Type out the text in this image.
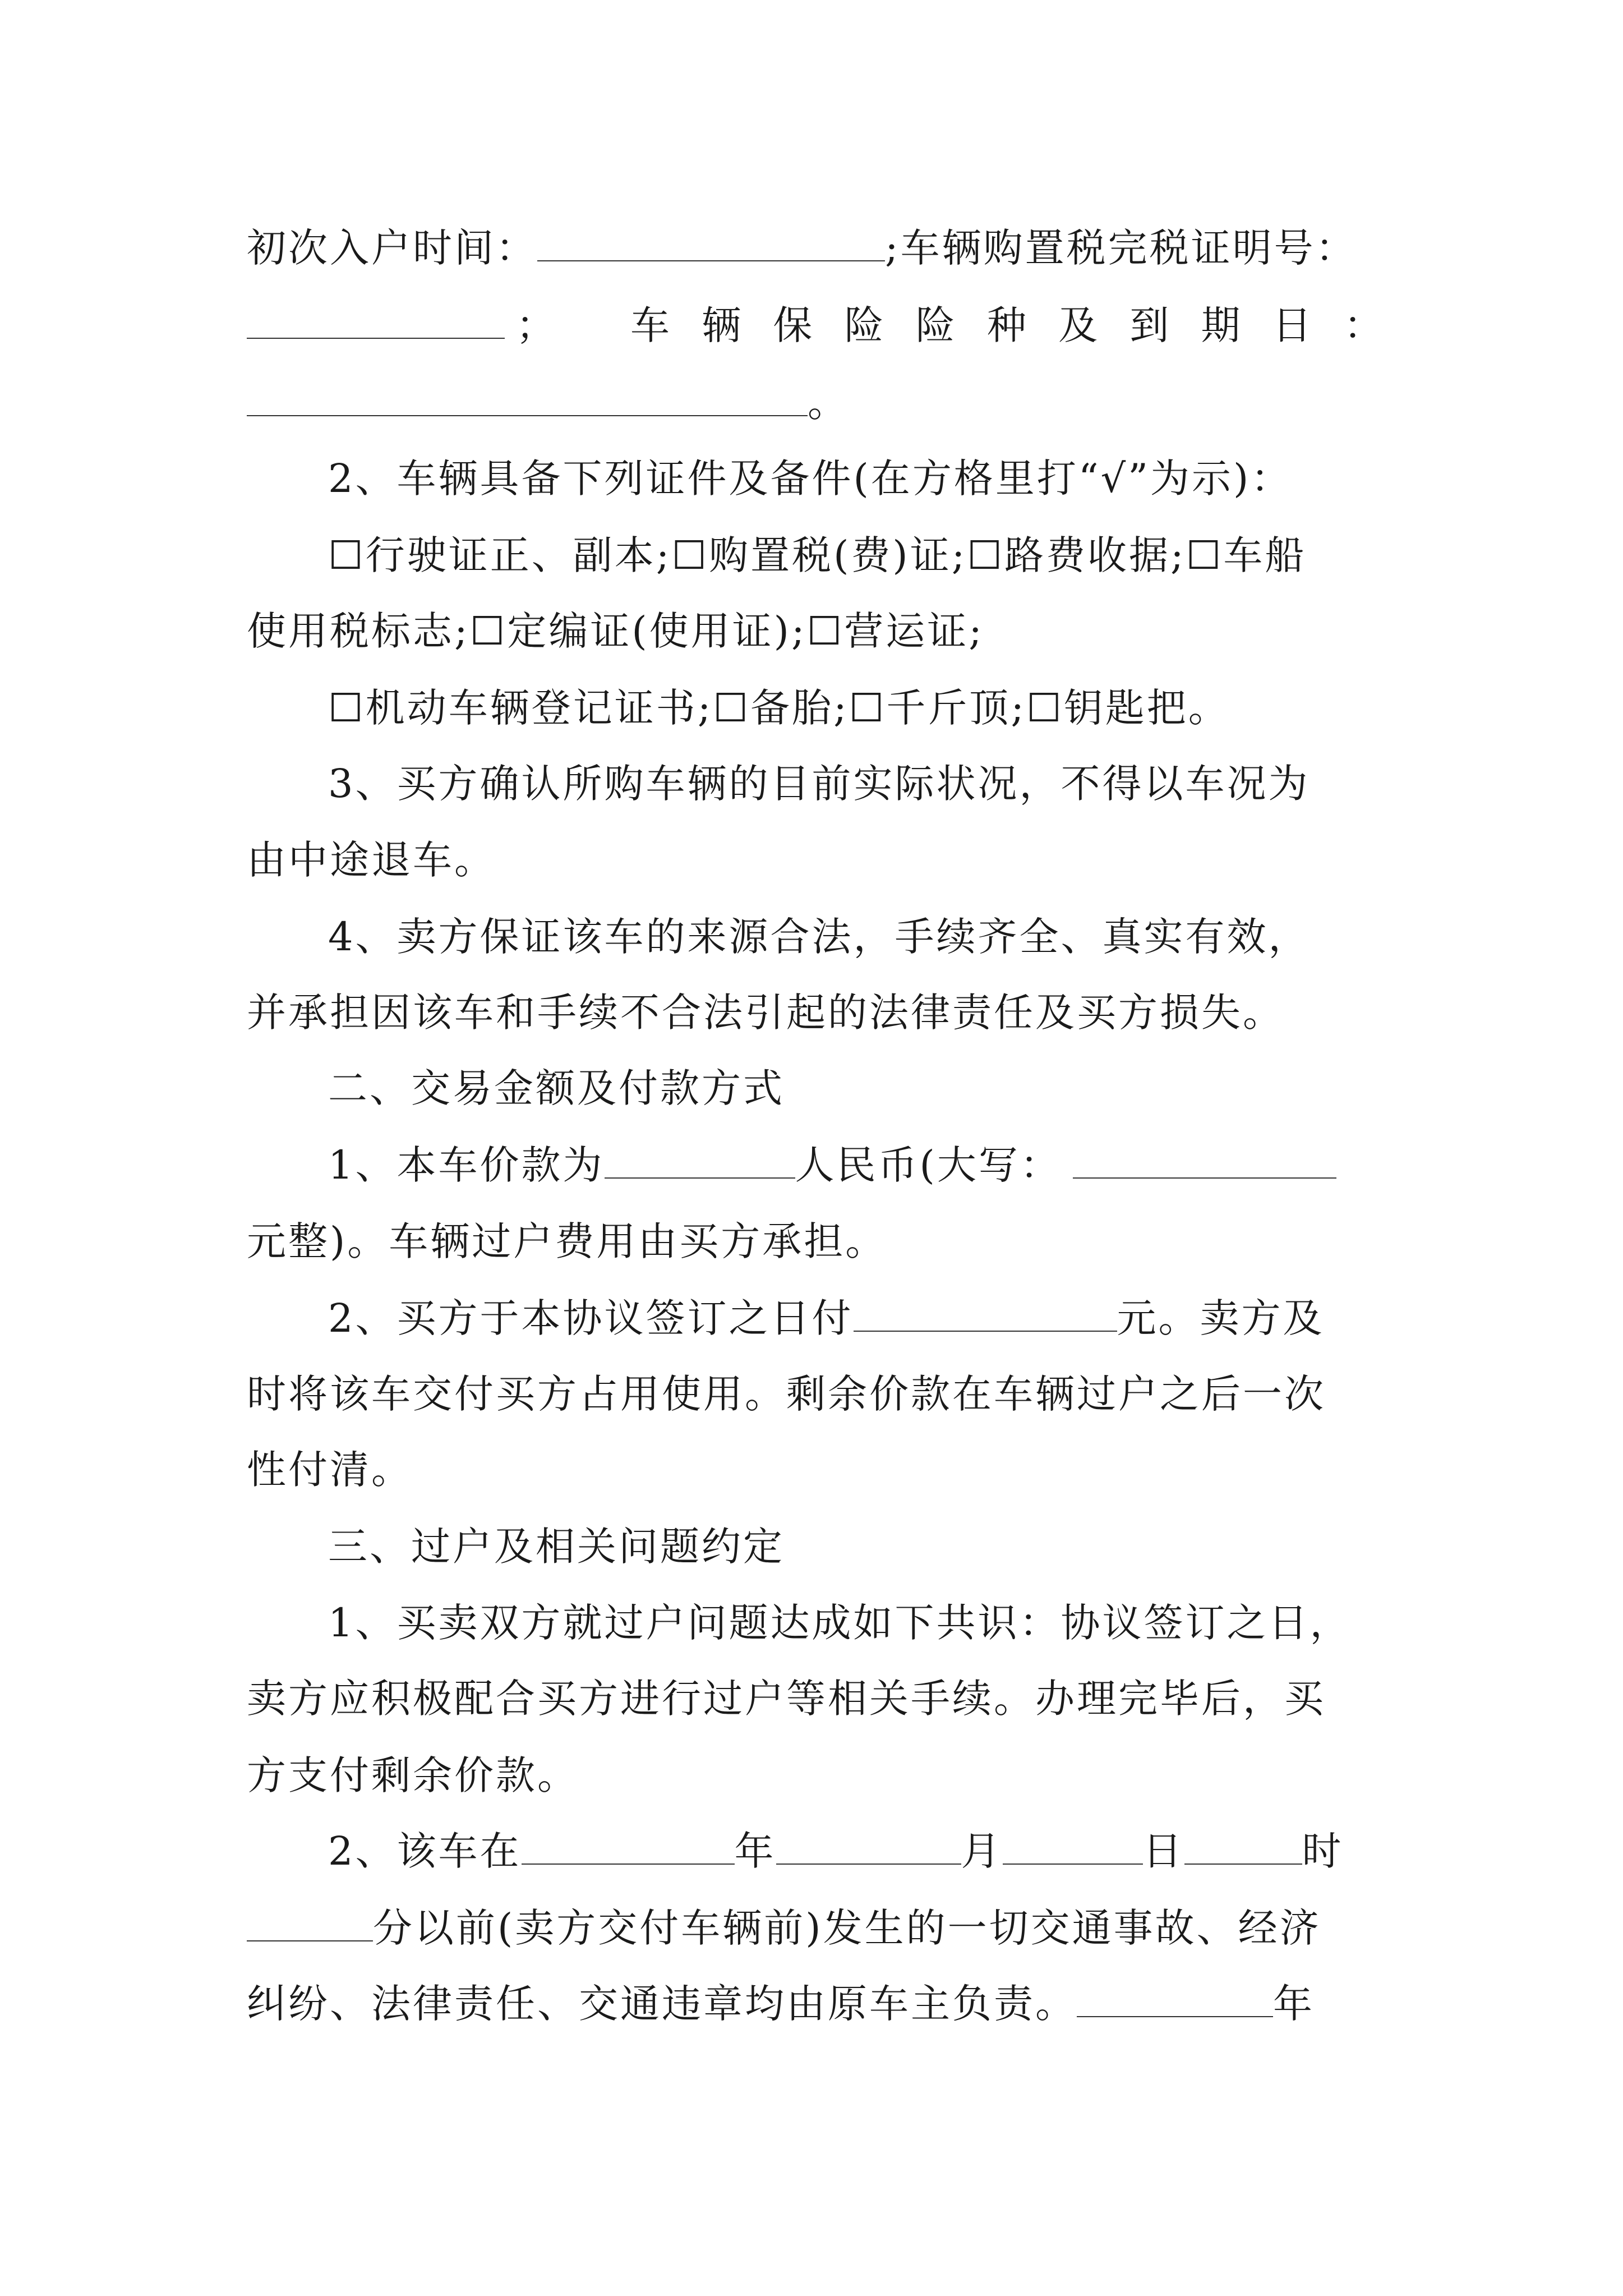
初次入户时间：	;车辆购置税完税证明号：
； 车 辆 保 险 险 种 及 到 期 日 ：
。
2、车辆具备下列证件及备件(在方格里打“√”为示)：
☐行驶证正、副本;☐购置税(费)证;☐路费收据;☐车船
使用税标志;☐定编证(使用证);☐营运证;
☐机动车辆登记证书;☐备胎;☐千斤顶;☐钥匙把。
3、买方确认所购车辆的目前实际状况，不得以车况为
由中途退车。
4、卖方保证该车的来源合法，手续齐全、真实有效，
并承担因该车和手续不合法引起的法律责任及买方损失。
二、交易金额及付款方式
1、本车价款为	人民币(大写：
元整)。车辆过户费用由买方承担。
2、买方于本协议签订之日付	元。卖方及
时将该车交付买方占用使用。剩余价款在车辆过户之后一次
性付清。
三、过户及相关问题约定
1、买卖双方就过户问题达成如下共识：协议签订之日，
卖方应积极配合买方进行过户等相关手续。办理完毕后，买
方支付剩余价款。
2、该车在	年	月	日	时
分以前(卖方交付车辆前)发生的一切交通事故、经济
纠纷、法律责任、交通违章均由原车主负责。	年
